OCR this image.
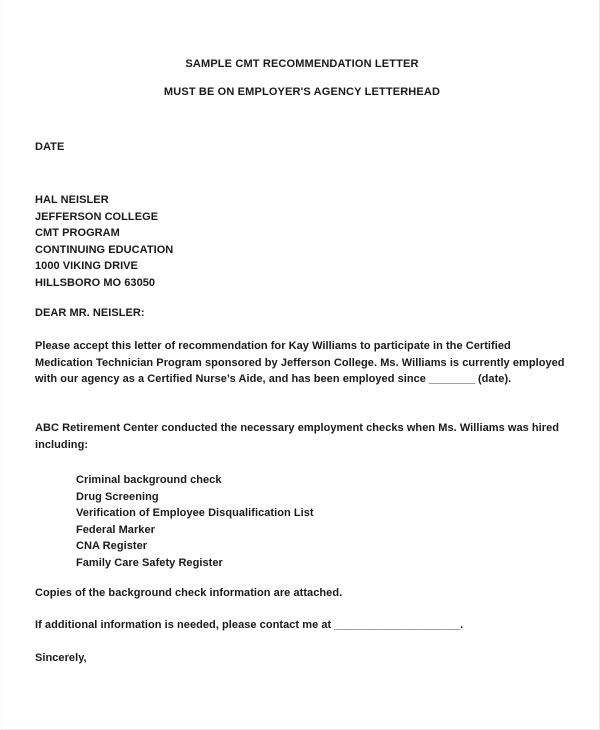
SAMPLE CMT RECOMMENDATION LETTER
MUST BE ON EMPLOYER'S AGENCY LETTERHEAD
DATE
HAL NEISLER
JEFFERSON COLLEGE
CMT PROGRAM
CONTINUING EDUCATION
1000 VIKING DRIVE
HILLSBORO MO 63050
DEAR MR. NEISLER:
Please accept this letter of recommendation for Kay Williams to participate in the Certified Medication Technician Program sponsored by Jefferson College. Ms. Williams is currently employed with our agency as a Certified Nurse’s Aide, and has been employed since ________ (date).
ABC Retirement Center conducted the necessary employment checks when Ms. Williams was hired including:
Criminal background check
Drug Screening
Verification of Employee Disqualification List
Federal Marker
CNA Register
Family Care Safety Register
Copies of the background check information are attached.
If additional information is needed, please contact me at ______________________.
Sincerely,
